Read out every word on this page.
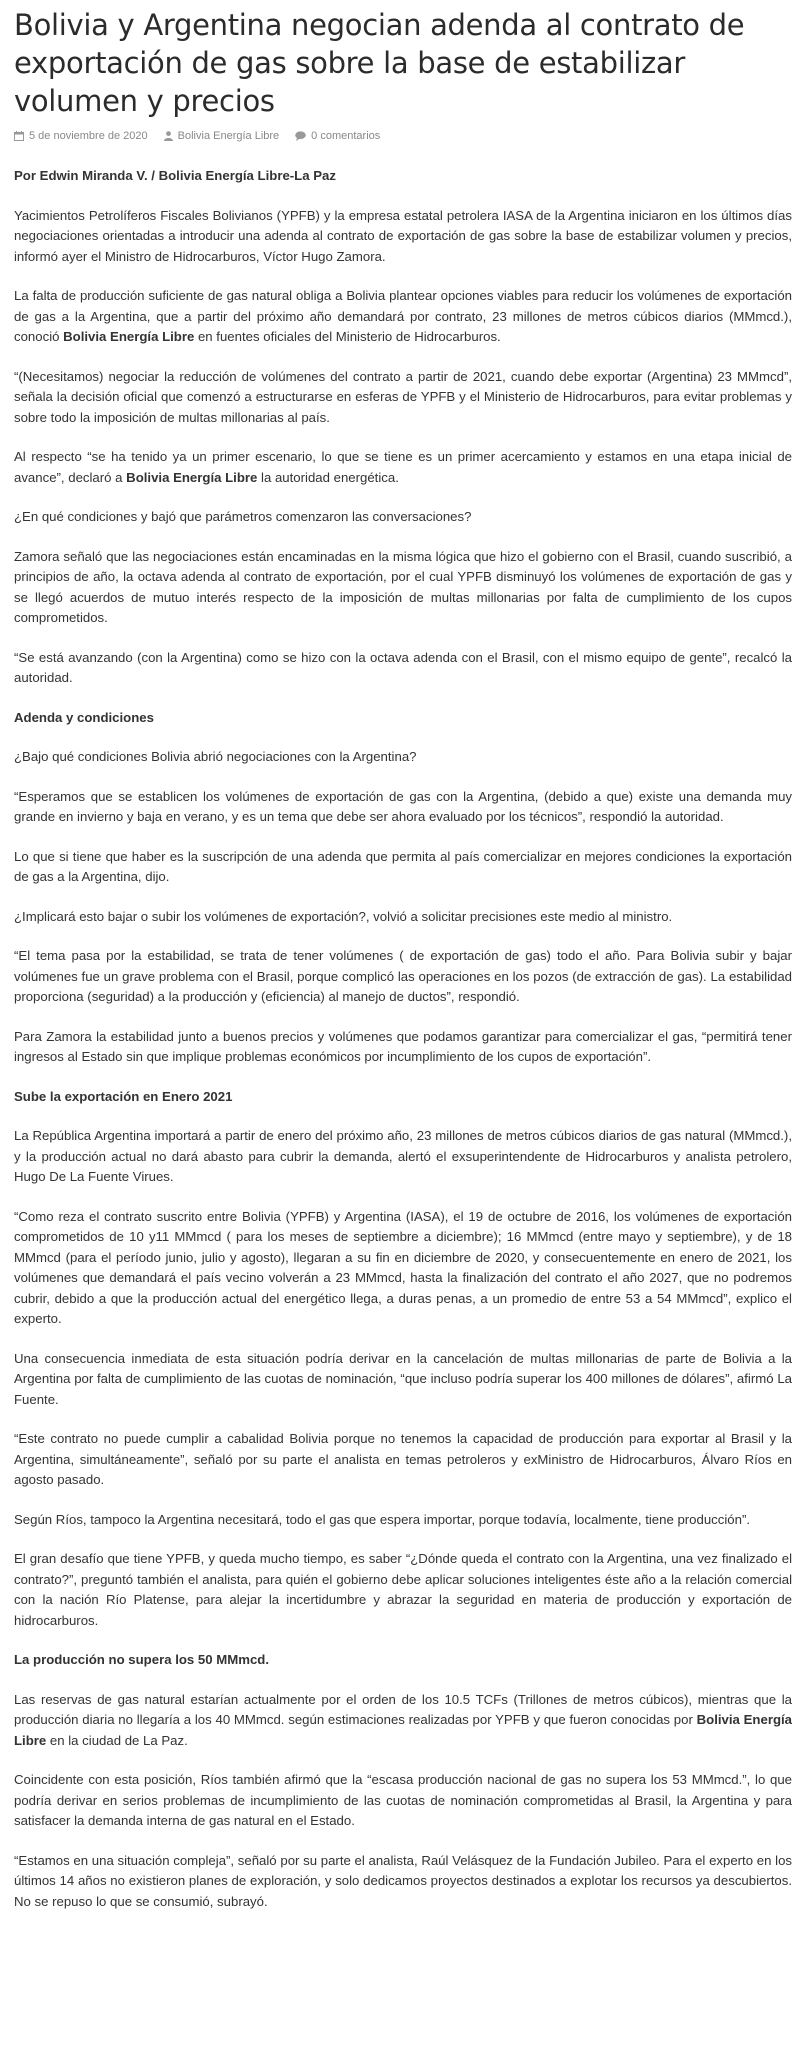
Bolivia y Argentina negocian adenda al contrato de exportación de gas sobre la base de estabilizar volumen y precios
5 de noviembre de 2020	Bolivia Energía Libre	0 comentarios

Por Edwin Miranda V. / Bolivia Energía Libre-La Paz

Yacimientos Petrolíferos Fiscales Bolivianos (YPFB) y la empresa estatal petrolera IASA de la Argentina iniciaron en los últimos días negociaciones orientadas a introducir una adenda al contrato de exportación de gas sobre la base de estabilizar volumen y precios, informó ayer el Ministro de Hidrocarburos, Víctor Hugo Zamora.

La falta de producción suficiente de gas natural obliga a Bolivia plantear opciones viables para reducir los volúmenes de exportación de gas a la Argentina, que a partir del próximo año demandará por contrato, 23 millones de metros cúbicos diarios (MMmcd.), conoció Bolivia Energía Libre en fuentes oficiales del Ministerio de Hidrocarburos.

“(Necesitamos) negociar la reducción de volúmenes del contrato a partir de 2021, cuando debe exportar (Argentina) 23 MMmcd”, señala la decisión oficial que comenzó a estructurarse en esferas de YPFB y el Ministerio de Hidrocarburos, para evitar problemas y sobre todo la imposición de multas millonarias al país.

Al respecto “se ha tenido ya un primer escenario, lo que se tiene es un primer acercamiento y estamos en una etapa inicial de avance”, declaró a Bolivia Energía Libre la autoridad energética.

¿En qué condiciones y bajó que parámetros comenzaron las conversaciones?

Zamora señaló que las negociaciones están encaminadas en la misma lógica que hizo el gobierno con el Brasil, cuando suscribió, a principios de año, la octava adenda al contrato de exportación, por el cual YPFB disminuyó los volúmenes de exportación de gas y se llegó acuerdos de mutuo interés respecto de la imposición de multas millonarias por falta de cumplimiento de los cupos comprometidos.

“Se está avanzando (con la Argentina) como se hizo con la octava adenda con el Brasil, con el mismo equipo de gente”, recalcó la autoridad.

Adenda y condiciones

¿Bajo qué condiciones Bolivia abrió negociaciones con la Argentina?

“Esperamos que se establicen los volúmenes de exportación de gas con la Argentina, (debido a que) existe una demanda muy grande en invierno y baja en verano, y es un tema que debe ser ahora evaluado por los técnicos”, respondió la autoridad.

Lo que si tiene que haber es la suscripción de una adenda que permita al país comercializar en mejores condiciones la exportación de gas a la Argentina, dijo.

¿Implicará esto bajar o subir los volúmenes de exportación?, volvió a solicitar precisiones este medio al ministro.

“El tema pasa por la estabilidad, se trata de tener volúmenes ( de exportación de gas) todo el año. Para Bolivia subir y bajar volúmenes fue un grave problema con el Brasil, porque complicó las operaciones en los pozos (de extracción de gas). La estabilidad proporciona (seguridad) a la producción y (eficiencia) al manejo de ductos”, respondió.

Para Zamora la estabilidad junto a buenos precios y volúmenes que podamos garantizar para comercializar el gas, “permitirá tener ingresos al Estado sin que implique problemas económicos por incumplimiento de los cupos de exportación”.

Sube la exportación en Enero 2021

La República Argentina importará a partir de enero del próximo año, 23 millones de metros cúbicos diarios de gas natural (MMmcd.), y la producción actual no dará abasto para cubrir la demanda, alertó el exsuperintendente de Hidrocarburos y analista petrolero, Hugo De La Fuente Virues.

“Como reza el contrato suscrito entre Bolivia (YPFB) y Argentina (IASA), el 19 de octubre de 2016, los volúmenes de exportación comprometidos de 10 y11 MMmcd ( para los meses de septiembre a diciembre); 16 MMmcd (entre mayo y septiembre), y de 18 MMmcd (para el período junio, julio y agosto), llegaran a su fin en diciembre de 2020, y consecuentemente en enero de 2021, los volúmenes que demandará el país vecino volverán a 23 MMmcd, hasta la finalización del contrato el año 2027, que no podremos cubrir, debido a que la producción actual del energético llega, a duras penas, a un promedio de entre 53 a 54 MMmcd”, explico el experto.

Una consecuencia inmediata de esta situación podría derivar en la cancelación de multas millonarias de parte de Bolivia a la Argentina por falta de cumplimiento de las cuotas de nominación, “que incluso podría superar los 400 millones de dólares”, afirmó La Fuente.

“Este contrato no puede cumplir a cabalidad Bolivia porque no tenemos la capacidad de producción para exportar al Brasil y la Argentina, simultáneamente”, señaló por su parte el analista en temas petroleros y exMinistro de Hidrocarburos, Álvaro Ríos en agosto pasado.

Según Ríos, tampoco la Argentina necesitará, todo el gas que espera importar, porque todavía, localmente, tiene producción”.

El gran desafío que tiene YPFB, y queda mucho tiempo, es saber “¿Dónde queda el contrato con la Argentina, una vez finalizado el contrato?”, preguntó también el analista, para quién el gobierno debe aplicar soluciones inteligentes éste año a la relación comercial con la nación Río Platense, para alejar la incertidumbre y abrazar la seguridad en materia de producción y exportación de hidrocarburos.

La producción no supera los 50 MMmcd.

Las reservas de gas natural estarían actualmente por el orden de los 10.5 TCFs (Trillones de metros cúbicos), mientras que la producción diaria no llegaría a los 40 MMmcd. según estimaciones realizadas por YPFB y que fueron conocidas por Bolivia Energía Libre en la ciudad de La Paz.

Coincidente con esta posición, Ríos también afirmó que la “escasa producción nacional de gas no supera los 53 MMmcd.”, lo que podría derivar en serios problemas de incumplimiento de las cuotas de nominación comprometidas al Brasil, la Argentina y para satisfacer la demanda interna de gas natural en el Estado.

“Estamos en una situación compleja”, señaló por su parte el analista, Raúl Velásquez de la Fundación Jubileo. Para el experto en los últimos 14 años no existieron planes de exploración, y solo dedicamos proyectos destinados a explotar los recursos ya descubiertos. No se repuso lo que se consumió, subrayó.
